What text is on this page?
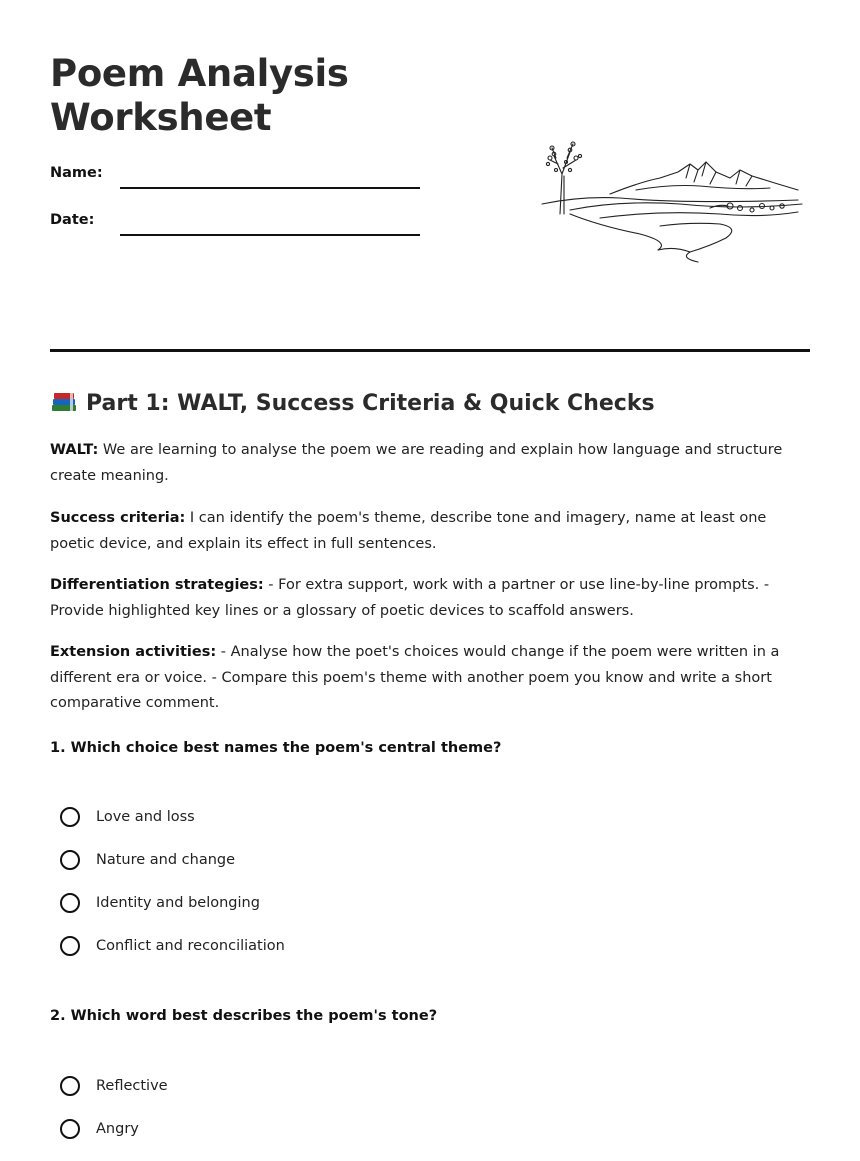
Poem Analysis
Worksheet
Name:
Date:
Part 1: WALT, Success Criteria & Quick Checks

WALT: We are learning to analyse the poem we are reading and explain how language and structure create meaning.

Success criteria: I can identify the poem's theme, describe tone and imagery, name at least one poetic device, and explain its effect in full sentences.

Differentiation strategies: - For extra support, work with a partner or use line-by-line prompts. - Provide highlighted key lines or a glossary of poetic devices to scaffold answers.

Extension activities: - Analyse how the poet's choices would change if the poem were written in a different era or voice. - Compare this poem's theme with another poem you know and write a short comparative comment.

1. Which choice best names the poem's central theme?

Love and loss
Nature and change
Identity and belonging
Conflict and reconciliation

2. Which word best describes the poem's tone?

Reflective
Angry
